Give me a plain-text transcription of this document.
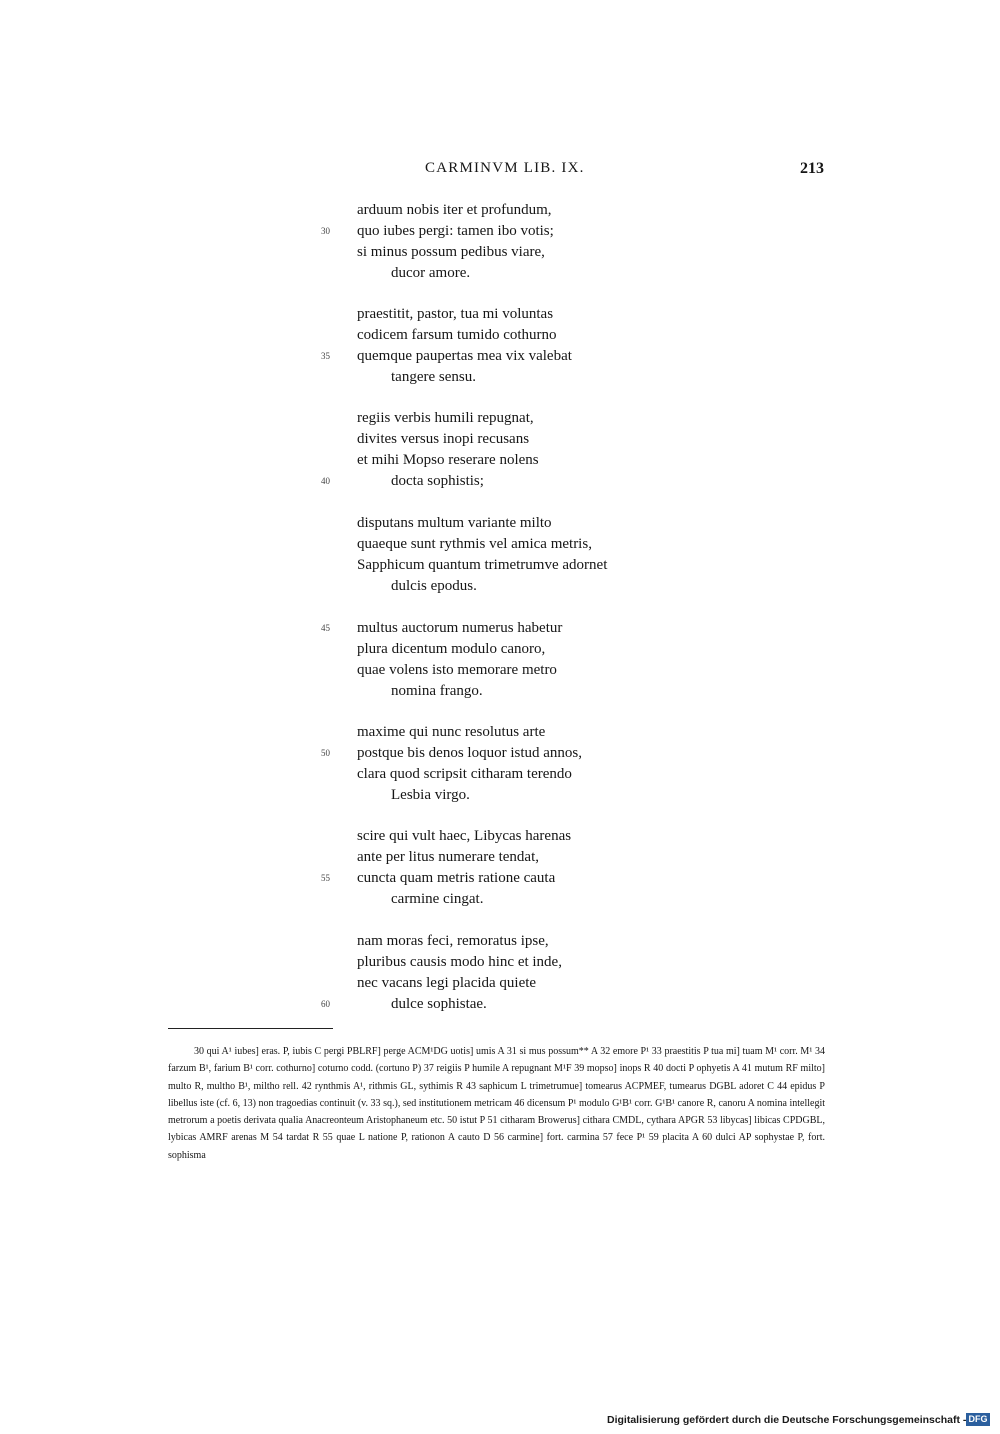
CARMINVM LIB. IX.	213
arduum nobis iter et profundum,
30	quo iubes pergi: tamen ibo votis;
si minus possum pedibus viare,
ducor amore.
praestitit, pastor, tua mi voluntas
codicem farsum tumido cothurno
35	quemque paupertas mea vix valebat
tangere sensu.
regiis verbis humili repugnat,
divites versus inopi recusans
et mihi Mopso reserare nolens
40	docta sophistis;
disputans multum variante milto
quaeque sunt rythmis vel amica metris,
Sapphicum quantum trimetrumve adornet
dulcis epodus.
45	multus auctorum numerus habetur
plura dicentum modulo canoro,
quae volens isto memorare metro
nomina frango.
maxime qui nunc resolutus arte
50	postque bis denos loquor istud annos,
clara quod scripsit citharam terendo
Lesbia virgo.
scire qui vult haec, Libycas harenas
ante per litus numerare tendat,
55	cuncta quam metris ratione cauta
carmine cingat.
nam moras feci, remoratus ipse,
pluribus causis modo hinc et inde,
nec vacans legi placida quiete
60	dulce sophistae.

30 qui A¹ iubes] eras. P, iubis C pergi PBLRF] perge ACM¹DG uotis] umis A 31 si mus possum** A 32 emore P¹ 33 praestitis P tua mi] tuam M¹ corr. M¹ 34 farzum B¹, farium B¹ corr. cothurno] coturno codd. (cortuno P) 37 reigiis P humile A repugnant M¹F 39 mopso] inops R 40 docti P ophyetis A 41 mutum RF milto] multo R, multho B¹, miltho rell. 42 rynthmis A¹, rithmis GL, sythimis R 43 saphicum L trimetrumue] tomearus ACPMEF, tumearus DGBL adoret C 44 epidus P libellus iste (cf. 6, 13) non tragoedias continuit (v. 33 sq.), sed institutionem metricam 46 dicensum P¹ modulo G¹B¹ corr. G¹B¹ canore R, canoru A nomina intellegit metrorum a poetis derivata qualia Anacreonteum Aristophaneum etc. 50 istut P 51 citharam Browerus] cithara CMDL, cythara APGR 53 libycas] libicas CPDGBL, lybicas AMRF arenas M 54 tardat R 55 quae L natione P, rationon A cauto D 56 carmine] fort. carmina 57 fece P¹ 59 placita A 60 dulci AP sophystae P, fort. sophisma

Digitalisierung gefördert durch die Deutsche Forschungsgemeinschaft - DFG
